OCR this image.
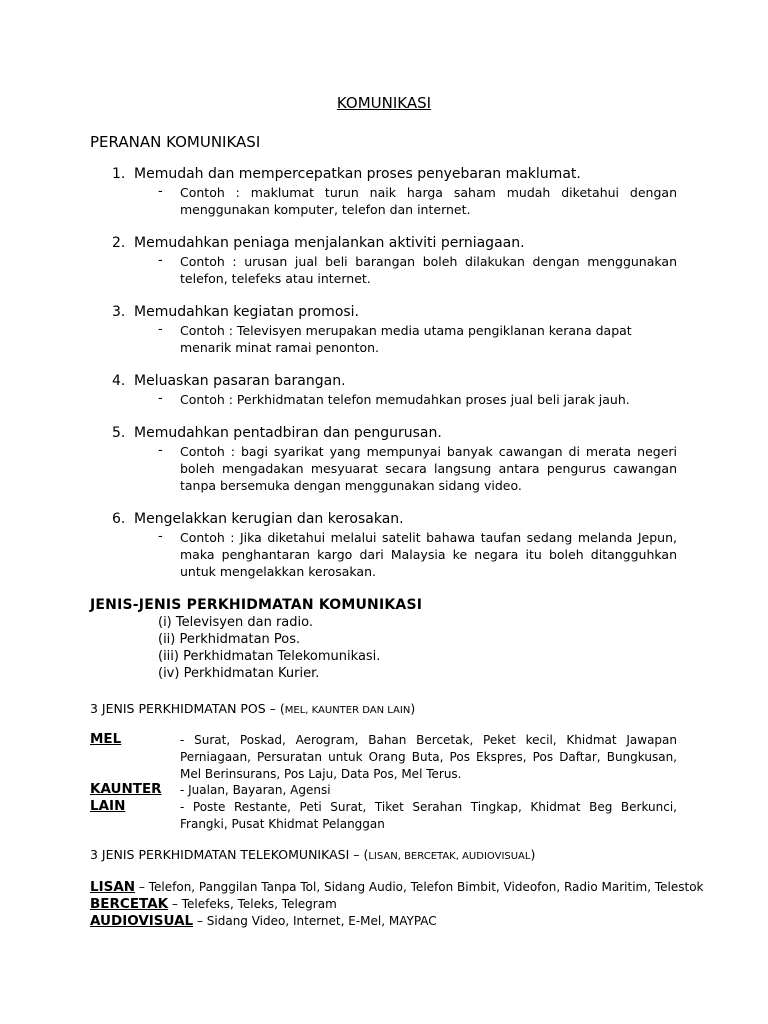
KOMUNIKASI
PERANAN KOMUNIKASI
1. Memudah dan mempercepatkan proses penyebaran maklumat.
- Contoh : maklumat turun naik harga saham mudah diketahui dengan menggunakan komputer, telefon dan internet.
2. Memudahkan peniaga menjalankan aktiviti perniagaan.
- Contoh : urusan jual beli barangan boleh dilakukan dengan menggunakan telefon, telefeks atau internet.
3. Memudahkan kegiatan promosi.
- Contoh : Televisyen merupakan media utama pengiklanan kerana dapat menarik minat ramai penonton.
4. Meluaskan pasaran barangan.
- Contoh : Perkhidmatan telefon memudahkan proses jual beli jarak jauh.
5. Memudahkan pentadbiran dan pengurusan.
- Contoh : bagi syarikat yang mempunyai banyak cawangan di merata negeri boleh mengadakan mesyuarat secara langsung antara pengurus cawangan tanpa bersemuka dengan menggunakan sidang video.
6. Mengelakkan kerugian dan kerosakan.
- Contoh : Jika diketahui melalui satelit bahawa taufan sedang melanda Jepun, maka penghantaran kargo dari Malaysia ke negara itu boleh ditangguhkan untuk mengelakkan kerosakan.
JENIS-JENIS PERKHIDMATAN KOMUNIKASI
(i) Televisyen dan radio.
(ii) Perkhidmatan Pos.
(iii) Perkhidmatan Telekomunikasi.
(iv) Perkhidmatan Kurier.
3 JENIS PERKHIDMATAN POS – (MEL, KAUNTER DAN LAIN)
MEL	- Surat, Poskad, Aerogram, Bahan Bercetak, Peket kecil, Khidmat Jawapan Perniagaan, Persuratan untuk Orang Buta, Pos Ekspres, Pos Daftar, Bungkusan, Mel Berinsurans, Pos Laju, Data Pos, Mel Terus.
KAUNTER - Jualan, Bayaran, Agensi
LAIN	- Poste Restante, Peti Surat, Tiket Serahan Tingkap, Khidmat Beg Berkunci, Frangki, Pusat Khidmat Pelanggan
3 JENIS PERKHIDMATAN TELEKOMUNIKASI – (LISAN, BERCETAK, AUDIOVISUAL)
LISAN – Telefon, Panggilan Tanpa Tol, Sidang Audio, Telefon Bimbit, Videofon, Radio Maritim, Telestok
BERCETAK – Telefeks, Teleks, Telegram
AUDIOVISUAL – Sidang Video, Internet, E-Mel, MAYPAC
